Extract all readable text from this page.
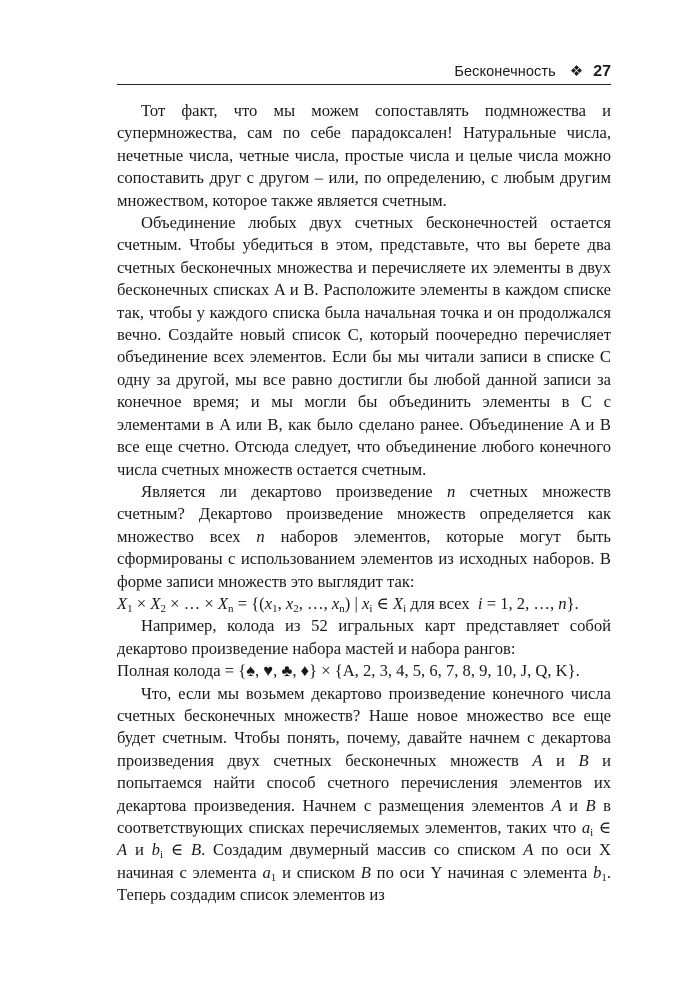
Бесконечность ❖ 27

Тот факт, что мы можем сопоставлять подмножества и супермножества, сам по себе парадоксален! Натуральные числа, нечетные числа, четные числа, простые числа и целые числа можно сопоставить друг с другом – или, по определению, с любым другим множеством, которое также является счетным.

Объединение любых двух счетных бесконечностей остается счетным. Чтобы убедиться в этом, представьте, что вы берете два счетных бесконечных множества и перечисляете их элементы в двух бесконечных списках A и B. Расположите элементы в каждом списке так, чтобы у каждого списка была начальная точка и он продолжался вечно. Создайте новый список C, который поочередно перечисляет объединение всех элементов. Если бы мы читали записи в списке C одну за другой, мы все равно достигли бы любой данной записи за конечное время; и мы могли бы объединить элементы в C с элементами в A или B, как было сделано ранее. Объединение A и B все еще счетно. Отсюда следует, что объединение любого конечного числа счетных множеств остается счетным.

Является ли декартово произведение n счетных множеств счетным? Декартово произведение множеств определяется как множество всех n наборов элементов, которые могут быть сформированы с использованием элементов из исходных наборов. В форме записи множеств это выглядит так:

$X_1 \times X_2$ × … × $X_n = \{(x_1$, $x_2$, …, $x_n$) | $x_i$ ∈ $X_i$ для всех i = 1, 2, …, n}.

Например, колода из 52 игральных карт представляет собой декартово произведение набора мастей и набора рангов:

Полная колода = {♠, ♥, ♣, ♦} × {A, 2, 3, 4, 5, 6, 7, 8, 9, 10, J, Q, K}.

Что, если мы возьмем декартово произведение конечного числа счетных бесконечных множеств? Наше новое множество все еще будет счетным. Чтобы понять, почему, давайте начнем с декартова произведения двух счетных бесконечных множеств A и B и попытаемся найти способ счетного перечисления элементов их декартова произведения. Начнем с размещения элементов A и B в соответствующих списках перечисляемых элементов, таких что $a_i$ ∈ A и $b_i$ ∈ B. Создадим двумерный массив со списком A по оси X начиная с элемента $a_1$ и списком B по оси Y начиная с элемента $b_1$. Теперь создадим список элементов из
